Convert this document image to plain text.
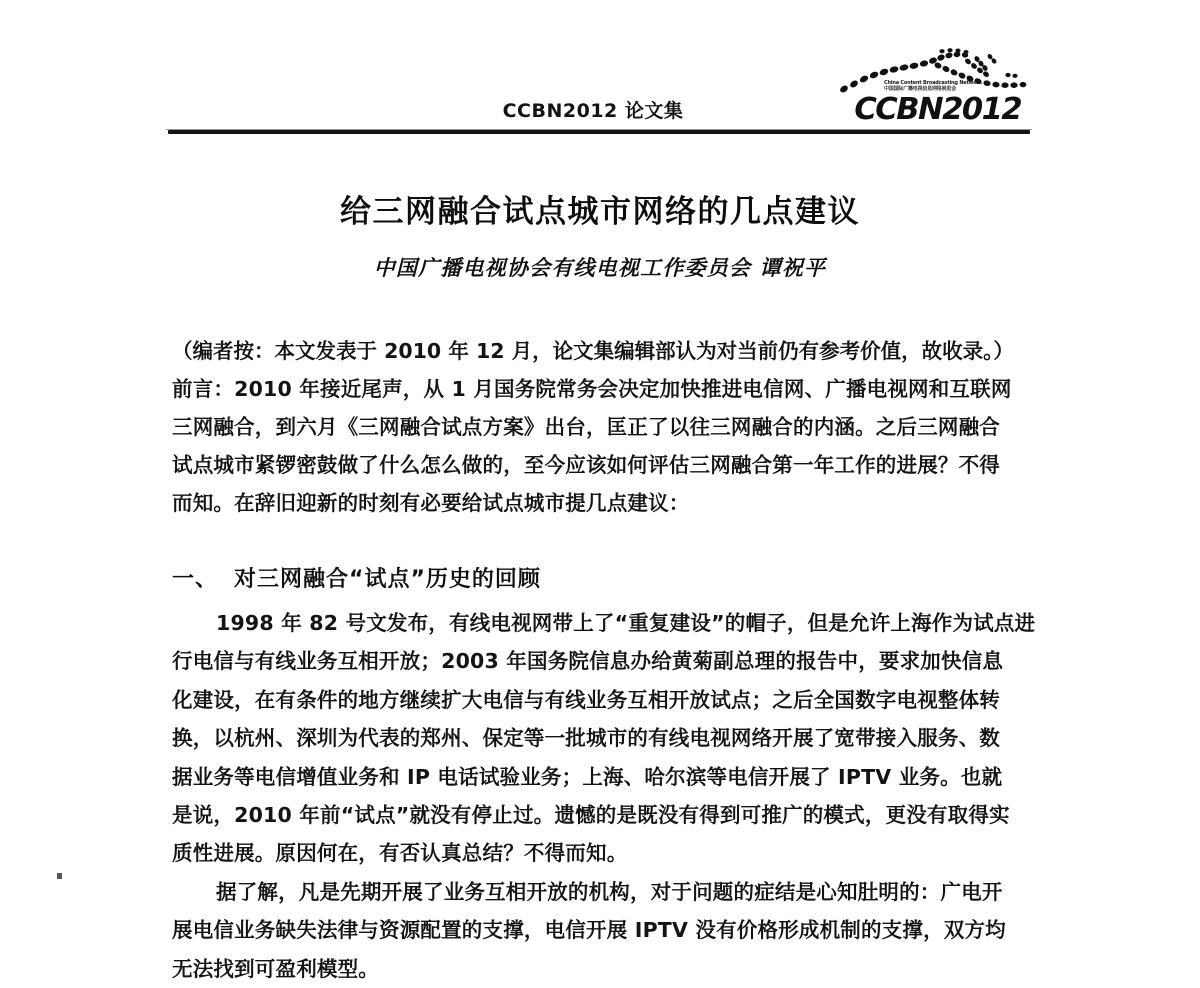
CCBN2012 论文集
China Content Broadcasting Network
中国国际广播电视信息网络展览会
CCBN2012
给三网融合试点城市网络的几点建议
中国广播电视协会有线电视工作委员会 谭祝平
（编者按：本文发表于 2010 年 12 月，论文集编辑部认为对当前仍有参考价值，故收录。）
前言：2010 年接近尾声，从 1 月国务院常务会决定加快推进电信网、广播电视网和互联网
三网融合，到六月《三网融合试点方案》出台，匡正了以往三网融合的内涵。之后三网融合
试点城市紧锣密鼓做了什么怎么做的，至今应该如何评估三网融合第一年工作的进展？不得
而知。在辞旧迎新的时刻有必要给试点城市提几点建议：
一、 对三网融合“试点”历史的回顾
1998 年 82 号文发布，有线电视网带上了“重复建设”的帽子，但是允许上海作为试点进
行电信与有线业务互相开放；2003 年国务院信息办给黄菊副总理的报告中，要求加快信息
化建设，在有条件的地方继续扩大电信与有线业务互相开放试点；之后全国数字电视整体转
换，以杭州、深圳为代表的郑州、保定等一批城市的有线电视网络开展了宽带接入服务、数
据业务等电信增值业务和 IP 电话试验业务；上海、哈尔滨等电信开展了 IPTV 业务。也就
是说，2010 年前“试点”就没有停止过。遗憾的是既没有得到可推广的模式，更没有取得实
质性进展。原因何在，有否认真总结？不得而知。
据了解，凡是先期开展了业务互相开放的机构，对于问题的症结是心知肚明的：广电开
展电信业务缺失法律与资源配置的支撑，电信开展 IPTV 没有价格形成机制的支撑，双方均
无法找到可盈利模型。
